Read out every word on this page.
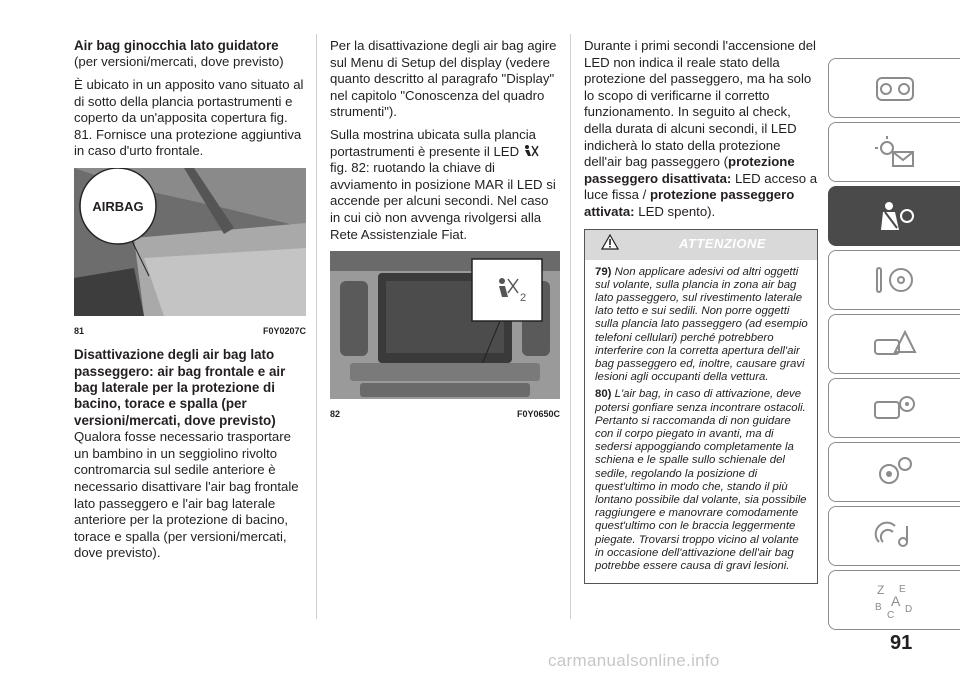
Air bag ginocchia lato guidatore

(per versioni/mercati, dove previsto)

È ubicato in un apposito vano situato al di sotto della plancia portastrumenti e coperto da un'apposita copertura fig. 81. Fornisce una protezione aggiuntiva in caso d'urto frontale.

AIRBAG
81	F0Y0207C
Disattivazione degli air bag lato passeggero: air bag frontale e air bag laterale per la protezione di bacino, torace e spalla (per versioni/mercati, dove previsto)

Qualora fosse necessario trasportare un bambino in un seggiolino rivolto contromarcia sul sedile anteriore è necessario disattivare l'air bag frontale lato passeggero e l'air bag laterale anteriore per la protezione di bacino, torace e spalla (per versioni/mercati, dove previsto).

Per la disattivazione degli air bag agire sul Menu di Setup del display (vedere quanto descritto al paragrafo "Display" nel capitolo "Conoscenza del quadro strumenti").

Sulla mostrina ubicata sulla plancia portastrumenti è presente il LED  fig. 82: ruotando la chiave di avviamento in posizione MAR il LED si accende per alcuni secondi. Nel caso in cui ciò non avvenga rivolgersi alla Rete Assistenziale Fiat.

2
82	F0Y0650C

Durante i primi secondi l'accensione del LED non indica il reale stato della protezione del passeggero, ma ha solo lo scopo di verificarne il corretto funzionamento. In seguito al check, della durata di alcuni secondi, il LED indicherà lo stato della protezione dell'air bag passeggero (protezione passeggero disattivata: LED acceso a luce fissa / protezione passeggero attivata: LED spento).

ATTENZIONE

79) Non applicare adesivi od altri oggetti sul volante, sulla plancia in zona air bag lato passeggero, sul rivestimento laterale lato tetto e sui sedili. Non porre oggetti sulla plancia lato passeggero (ad esempio telefoni cellulari) perché potrebbero interferire con la corretta apertura dell'air bag passeggero ed, inoltre, causare gravi lesioni agli occupanti della vettura.

80) L'air bag, in caso di attivazione, deve potersi gonfiare senza incontrare ostacoli. Pertanto si raccomanda di non guidare con il corpo piegato in avanti, ma di sedersi appoggiando completamente la schiena e le spalle sullo schienale del sedile, regolando la posizione di quest'ultimo in modo che, stando il più lontano possibile dal volante, sia possibile raggiungere e manovrare comodamente quest'ultimo con le braccia leggermente piegate. Trovarsi troppo vicino al volante in occasione dell'attivazione dell'air bag potrebbe essere causa di gravi lesioni.

Z E
B A
C
D
91
carmanualsonline.info
